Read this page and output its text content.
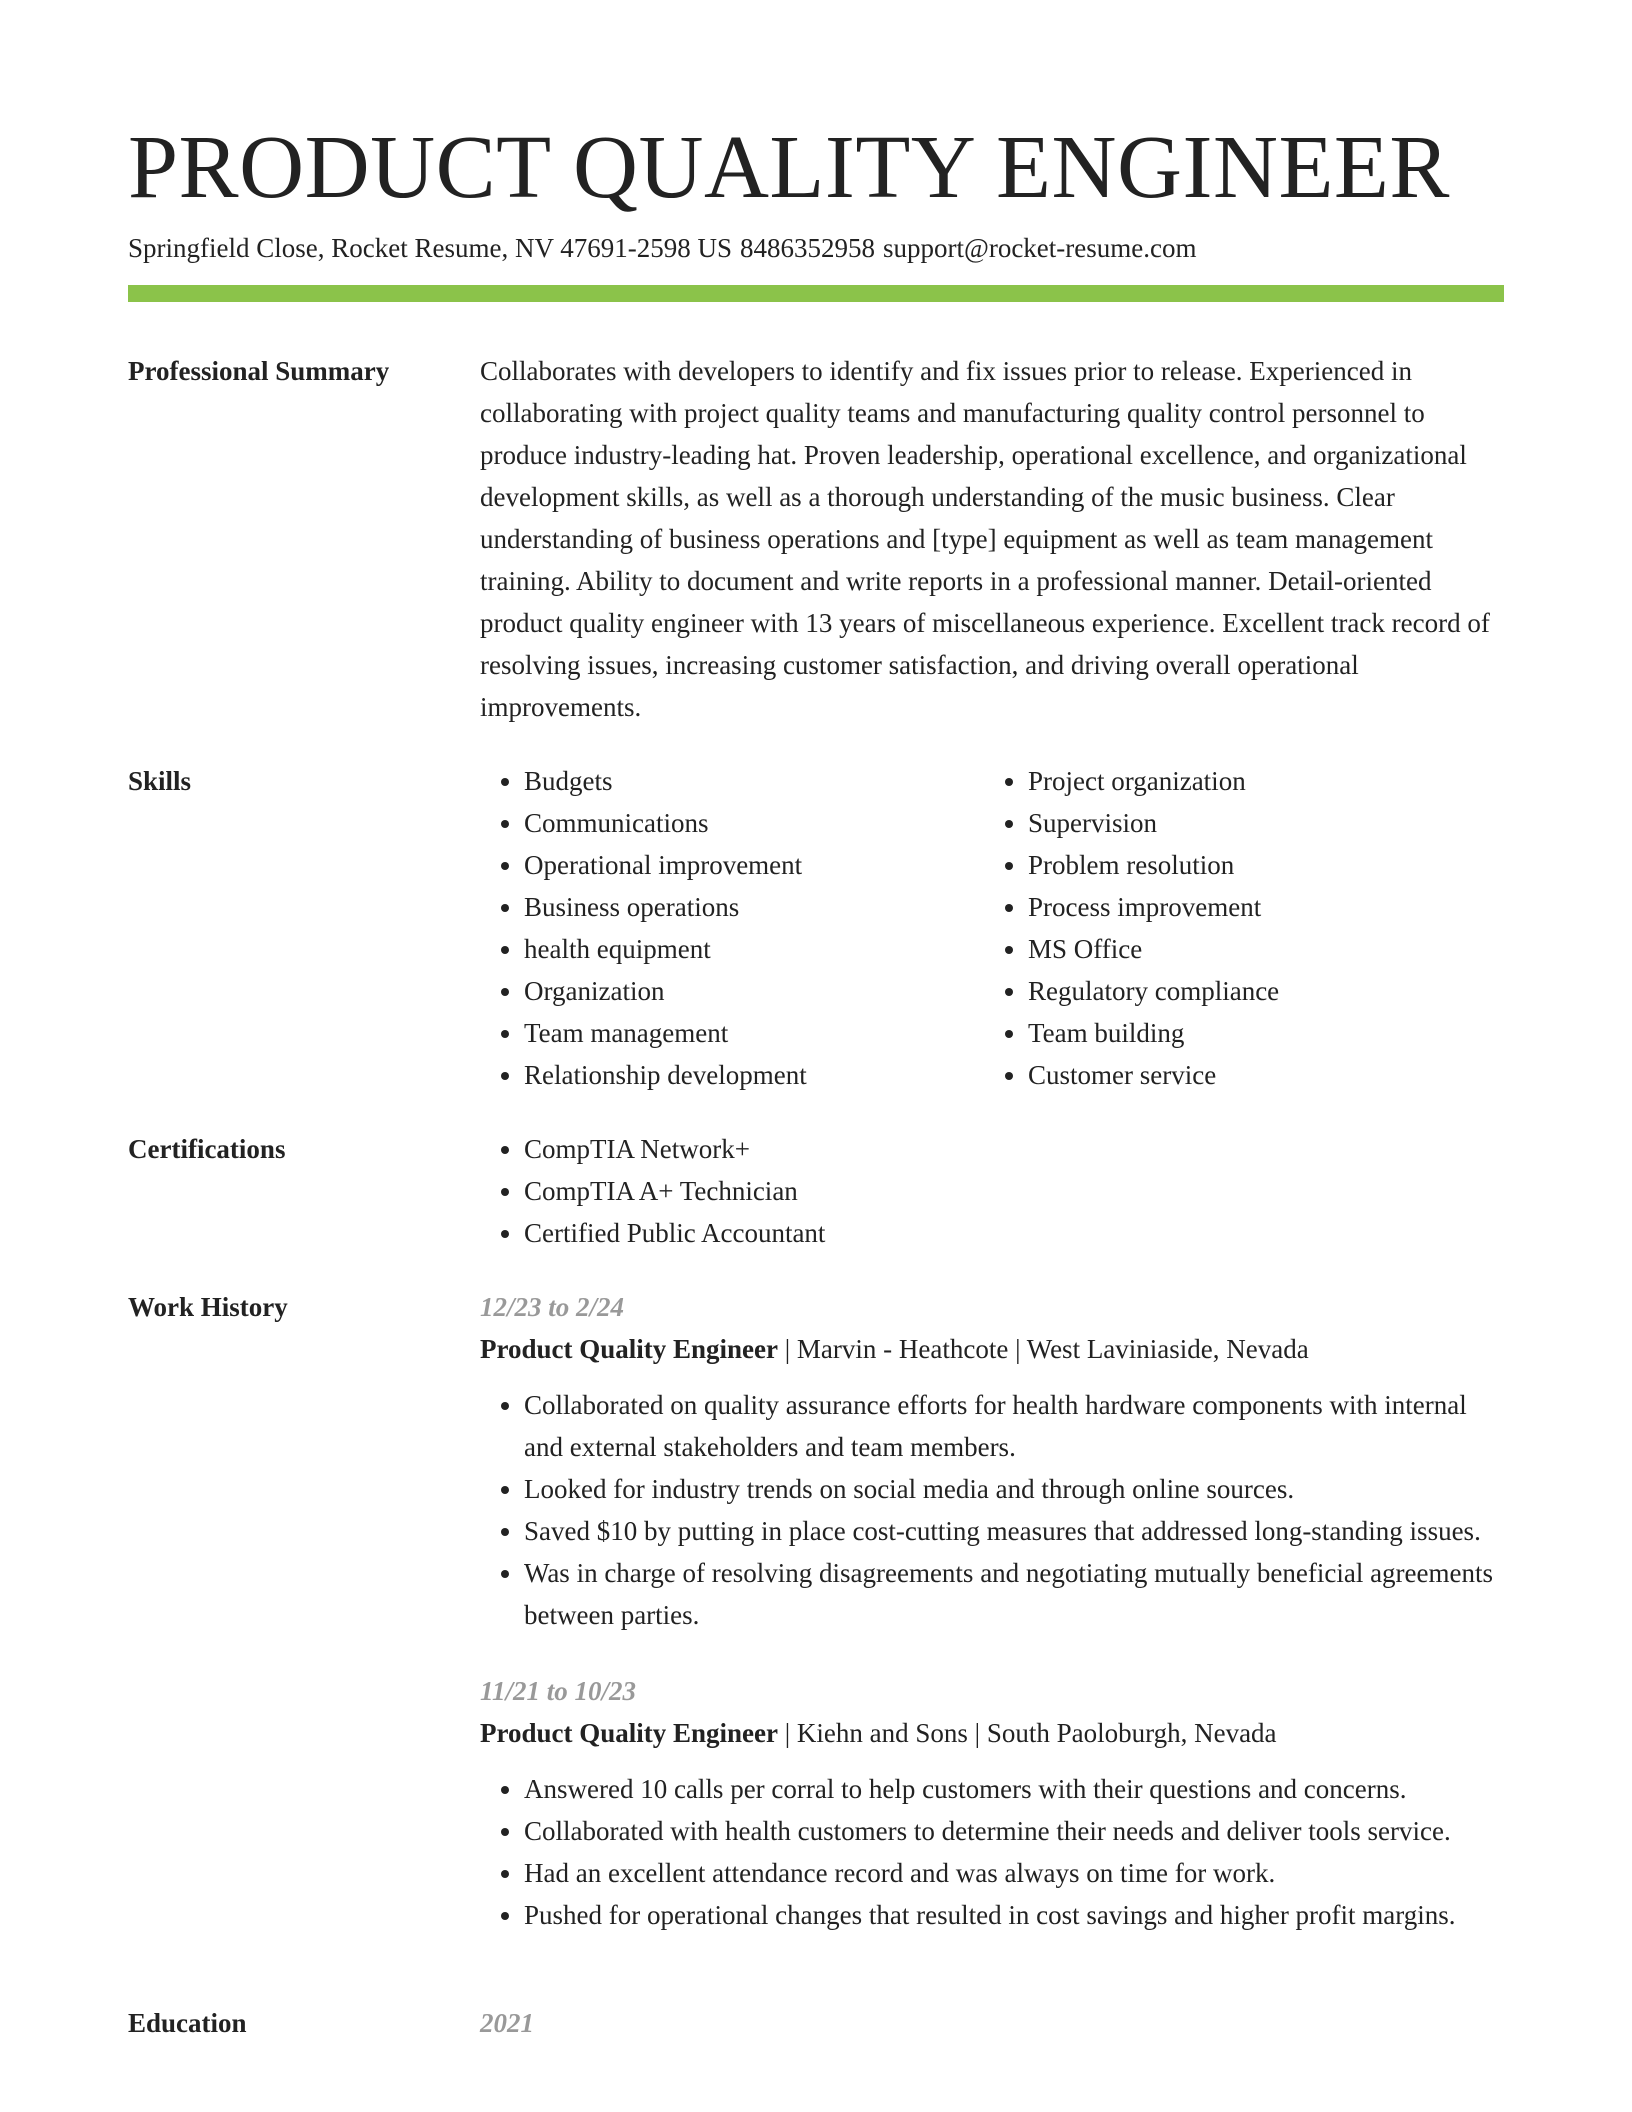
PRODUCT QUALITY ENGINEER
Springfield Close, Rocket Resume, NV 47691-2598 US 8486352958 support@rocket-resume.com
Professional Summary	Collaborates with developers to identify and fix issues prior to release. Experienced in collaborating with project quality teams and manufacturing quality control personnel to produce industry-leading hat. Proven leadership, operational excellence, and organizational development skills, as well as a thorough understanding of the music business. Clear understanding of business operations and [type] equipment as well as team management training. Ability to document and write reports in a professional manner. Detail-oriented product quality engineer with 13 years of miscellaneous experience. Excellent track record of resolving issues, increasing customer satisfaction, and driving overall operational improvements.

Skills	• Budgets
• Communications
• Operational improvement
• Business operations
• health equipment
• Organization
• Team management
• Relationship development
• Project organization
• Supervision
• Problem resolution
• Process improvement
• MS Office
• Regulatory compliance
• Team building
• Customer service
Certifications	• CompTIA Network+
• CompTIA A+ Technician
• Certified Public Accountant
Work History	12/23 to 2/24
Product Quality Engineer | Marvin - Heathcote | West Laviniaside, Nevada
• Collaborated on quality assurance efforts for health hardware components with internal and external stakeholders and team members.
• Looked for industry trends on social media and through online sources.
• Saved $10 by putting in place cost-cutting measures that addressed long-standing issues.
• Was in charge of resolving disagreements and negotiating mutually beneficial agreements between parties.
11/21 to 10/23
Product Quality Engineer | Kiehn and Sons | South Paoloburgh, Nevada
• Answered 10 calls per corral to help customers with their questions and concerns.
• Collaborated with health customers to determine their needs and deliver tools service.
• Had an excellent attendance record and was always on time for work.
• Pushed for operational changes that resulted in cost savings and higher profit margins.
Education	2021
